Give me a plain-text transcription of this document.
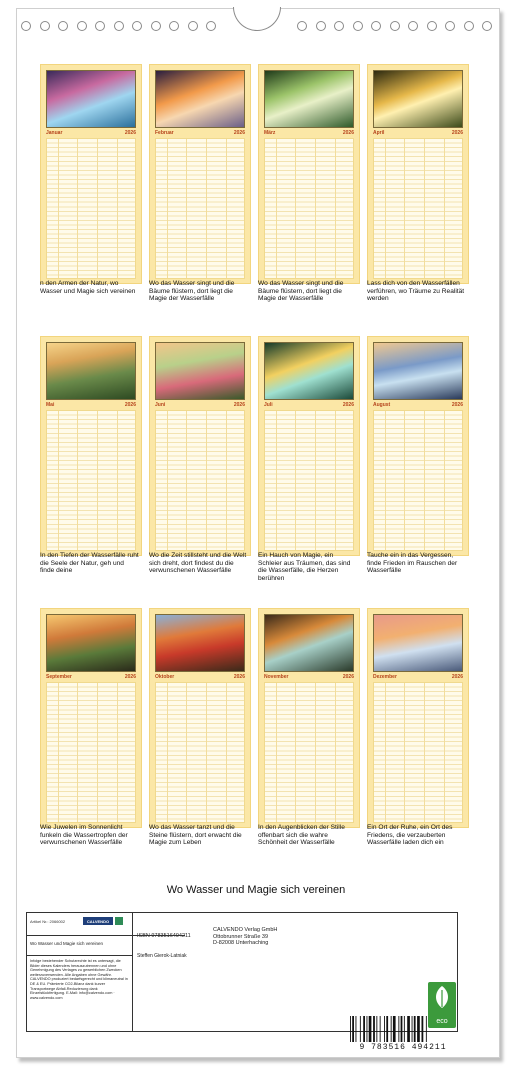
Januar	2026
n den Armen der Natur, wo Wasser und Magie sich vereinen
Februar	2026
Wo das Wasser singt und die Bäume flüstern, dort liegt die Magie der Wasserfälle
März	2026
Wo das Wasser singt und die Bäume flüstern, dort liegt die Magie der Wasserfälle
April	2026
Lass dich von den Wasserfällen verführen, wo Träume zu Realität werden
Mai	2026
In den Tiefen der Wasserfälle ruht die Seele der Natur, geh und finde deine
Juni	2026
Wo die Zeit stillsteht und die Welt sich dreht, dort findest du die verwunschenen Wasserfälle
Juli	2026
Ein Hauch von Magie, ein Schleier aus Träumen, das sind die Wasserfälle, die Herzen berühren
August	2026
Tauche ein in das Vergessen, finde Frieden im Rauschen der Wasserfälle
September	2026
Wie Juwelen im Sonnenlicht funkeln die Wassertropfen der verwunschenen Wasserfälle
Oktober	2026
Wo das Wasser tanzt und die Steine flüstern, dort erwacht die Magie zum Leben
November	2026
In den Augenblicken der Stille offenbart sich die wahre Schönheit der Wasserfälle
Dezember	2026
Ein Ort der Ruhe, ein Ort des Friedens, die verzauberten Wasserfälle laden dich ein
Wo Wasser und Magie sich vereinen
Artikel Nr.: 2066002	CALVENDO
Wo Wasser und Magie sich vereinen
Infolge bestehender Schutzrechte ist es untersagt, die Bilder dieses Kalenders herauszutrennen und ohne Genehmigung des Verlages zu gewerblichen Zwecken weiterzuverwenden. Alle Angaben ohne Gewähr. CALVENDO produziert bedarfsgerecht und klimaneutral in DE & EU. Prämierte CO2-Bilanz dank kurzer Transportwege Abfall-Reduzierung dank Einzelstückfertigung. E-Mail: info@calvendo.com · www.calvendo.com
ISBN 9783516494211
Steffen Gierok-Latniak
CALVENDO Verlag GmbH
Ottobrunner Straße 39
D-82008 Unterhaching
9 783516 494211
eco
